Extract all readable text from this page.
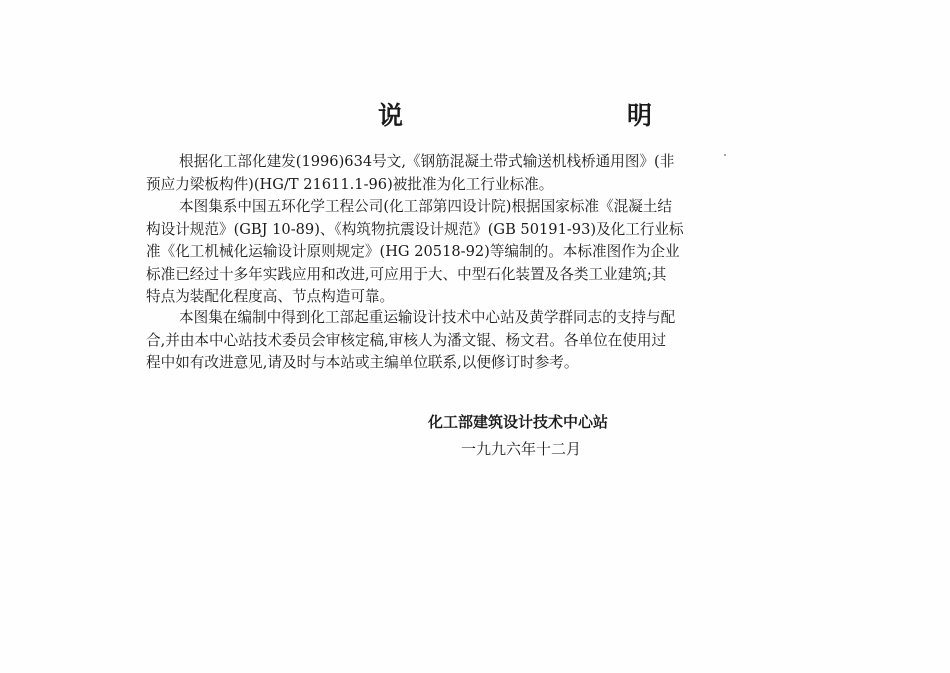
说　　明

根据化工部化建发(1996)634号文,《钢筋混凝土带式输送机栈桥通用图》(非
预应力梁板构件)(HG/T 21611.1-96)被批准为化工行业标准。

本图集系中国五环化学工程公司(化工部第四设计院)根据国家标准《混凝土结
构设计规范》(GBJ 10-89)、《构筑物抗震设计规范》(GB 50191-93)及化工行业标
准《化工机械化运输设计原则规定》(HG 20518-92)等编制的。本标准图作为企业
标准已经过十多年实践应用和改进,可应用于大、中型石化装置及各类工业建筑;其
特点为装配化程度高、节点构造可靠。

本图集在编制中得到化工部起重运输设计技术中心站及黄学群同志的支持与配
合,并由本中心站技术委员会审核定稿,审核人为潘文锟、杨文君。各单位在使用过
程中如有改进意见,请及时与本站或主编单位联系,以便修订时参考。

化工部建筑设计技术中心站
一九九六年十二月
